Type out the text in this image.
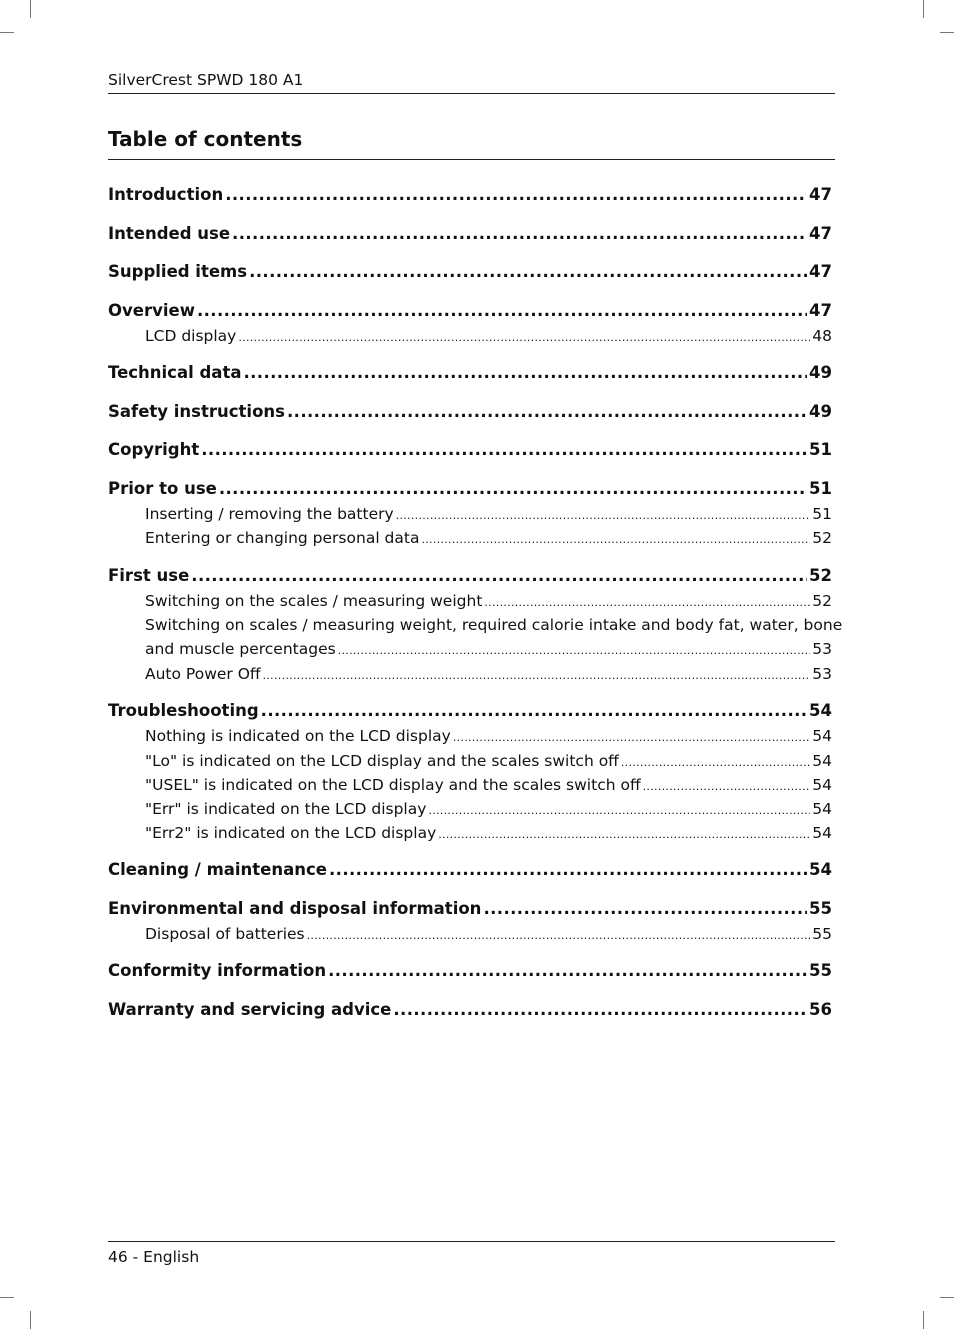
SilverCrest SPWD 180 A1
Table of contents
Introduction .....	47
Intended use .....	47
Supplied items .....	47
Overview .....	47
LCD display .....	48
Technical data .....	49
Safety instructions .....	49
Copyright .....	51
Prior to use .....	51
Inserting / removing the battery .....	51
Entering or changing personal data .....	52
First use .....	52
Switching on the scales / measuring weight .....	52
Switching on scales / measuring weight, required calorie intake and body fat, water, bone
and muscle percentages .....	53
Auto Power Off .....	53
Troubleshooting .....	54
Nothing is indicated on the LCD display .....	54
"Lo" is indicated on the LCD display and the scales switch off .....	54
"USEL" is indicated on the LCD display and the scales switch off .....	54
"Err" is indicated on the LCD display .....	54
"Err2" is indicated on the LCD display .....	54
Cleaning / maintenance .....	54
Environmental and disposal information .....	55
Disposal of batteries .....	55
Conformity information .....	55
Warranty and servicing advice .....	56
46 - English
